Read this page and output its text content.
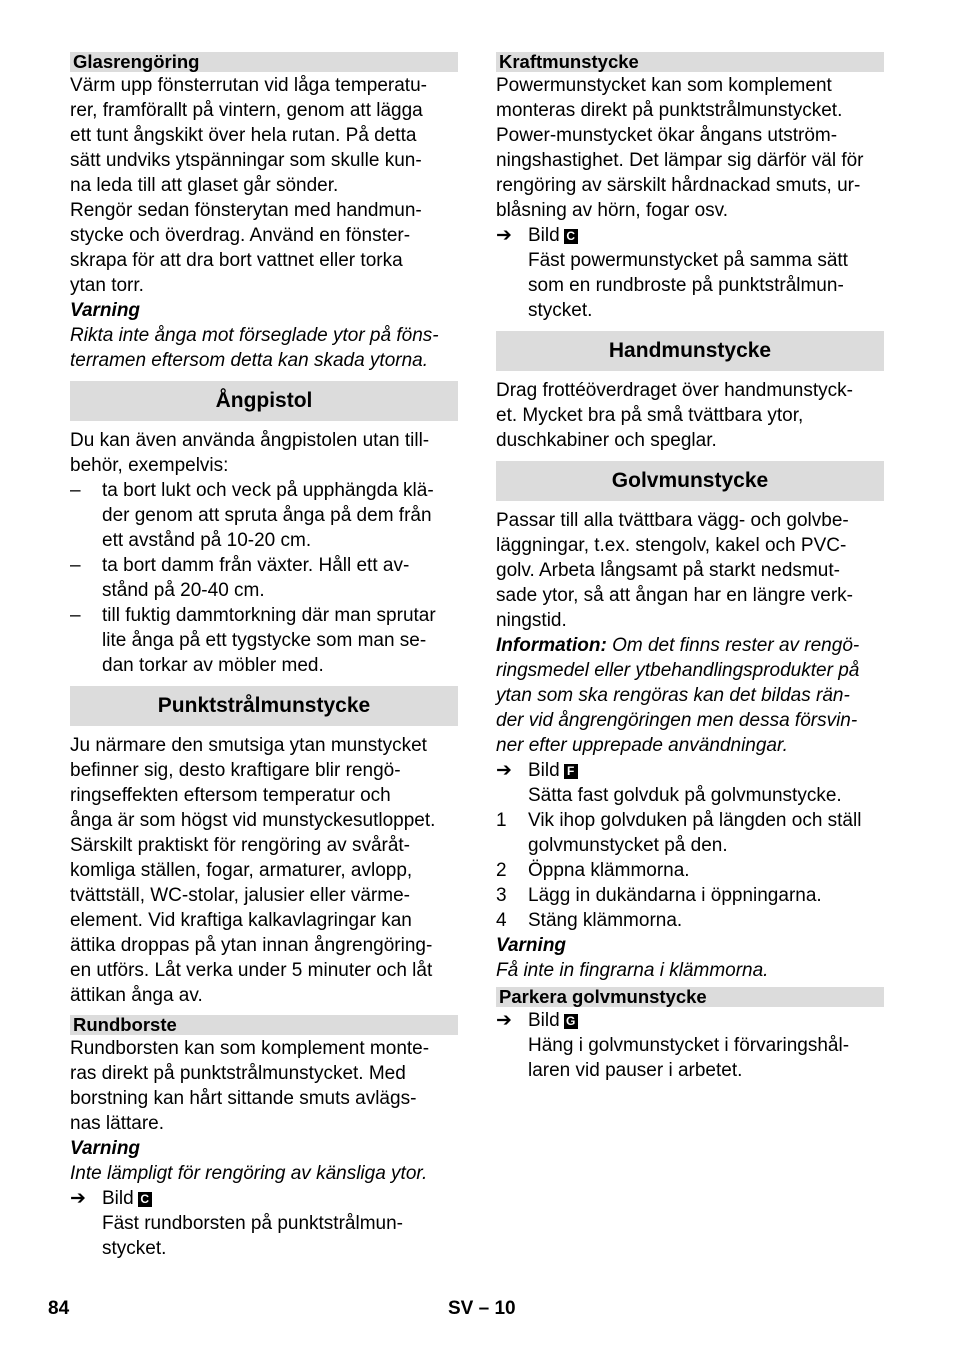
Glasrengöring
Värm upp fönsterrutan vid låga temperatu-
rer, framförallt på vintern, genom att lägga
ett tunt ångskikt över hela rutan. På detta
sätt undviks ytspänningar som skulle kun-
na leda till att glaset går sönder.
Rengör sedan fönsterytan med handmun-
stycke och överdrag. Använd en fönster-
skrapa för att dra bort vattnet eller torka
ytan torr.
Varning
Rikta inte ånga mot förseglade ytor på föns-
terramen eftersom detta kan skada ytorna.
Ångpistol
Du kan även använda ångpistolen utan till-
behör, exempelvis:
– ta bort lukt och veck på upphängda klä-
der genom att spruta ånga på dem från
ett avstånd på 10-20 cm.
– ta bort damm från växter. Håll ett av-
stånd på 20-40 cm.
– till fuktig dammtorkning där man sprutar
lite ånga på ett tygstycke som man se-
dan torkar av möbler med.
Punktstrålmunstycke
Ju närmare den smutsiga ytan munstycket
befinner sig, desto kraftigare blir rengö-
ringseffekten eftersom temperatur och
ånga är som högst vid munstyckesutloppet.
Särskilt praktiskt för rengöring av svåråt-
komliga ställen, fogar, armaturer, avlopp,
tvättställ, WC-stolar, jalusier eller värme-
element. Vid kraftiga kalkavlagringar kan
ättika droppas på ytan innan ångrengöring-
en utförs. Låt verka under 5 minuter och låt
ättikan ånga av.
Rundborste
Rundborsten kan som komplement monte-
ras direkt på punktstrålmunstycket. Med
borstning kan hårt sittande smuts avlägs-
nas lättare.
Varning
Inte lämpligt för rengöring av känsliga ytor.
➔ Bild C
Fäst rundborsten på punktstrålmun-
stycket.
Kraftmunstycke
Powermunstycket kan som komplement
monteras direkt på punktstrålmunstycket.
Power-munstycket ökar ångans utström-
ningshastighet. Det lämpar sig därför väl för
rengöring av särskilt hårdnackad smuts, ur-
blåsning av hörn, fogar osv.
➔ Bild C
Fäst powermunstycket på samma sätt
som en rundbroste på punktstrålmun-
stycket.
Handmunstycke
Drag frottéöverdraget över handmunstyck-
et. Mycket bra på små tvättbara ytor,
duschkabiner och speglar.
Golvmunstycke
Passar till alla tvättbara vägg- och golvbe-
läggningar, t.ex. stengolv, kakel och PVC-
golv. Arbeta långsamt på starkt nedsmut-
sade ytor, så att ångan har en längre verk-
ningstid.
Information: Om det finns rester av rengö-
ringsmedel eller ytbehandlingsprodukter på
ytan som ska rengöras kan det bildas rän-
der vid ångrengöringen men dessa försvin-
ner efter upprepade användningar.
➔ Bild F
Sätta fast golvduk på golvmunstycke.
1 Vik ihop golvduken på längden och ställ
golvmunstycket på den.
2 Öppna klämmorna.
3 Lägg in dukändarna i öppningarna.
4 Stäng klämmorna.
Varning
Få inte in fingrarna i klämmorna.
Parkera golvmunstycke
➔ Bild G
Häng i golvmunstycket i förvaringshål-
laren vid pauser i arbetet.
84	SV – 10
